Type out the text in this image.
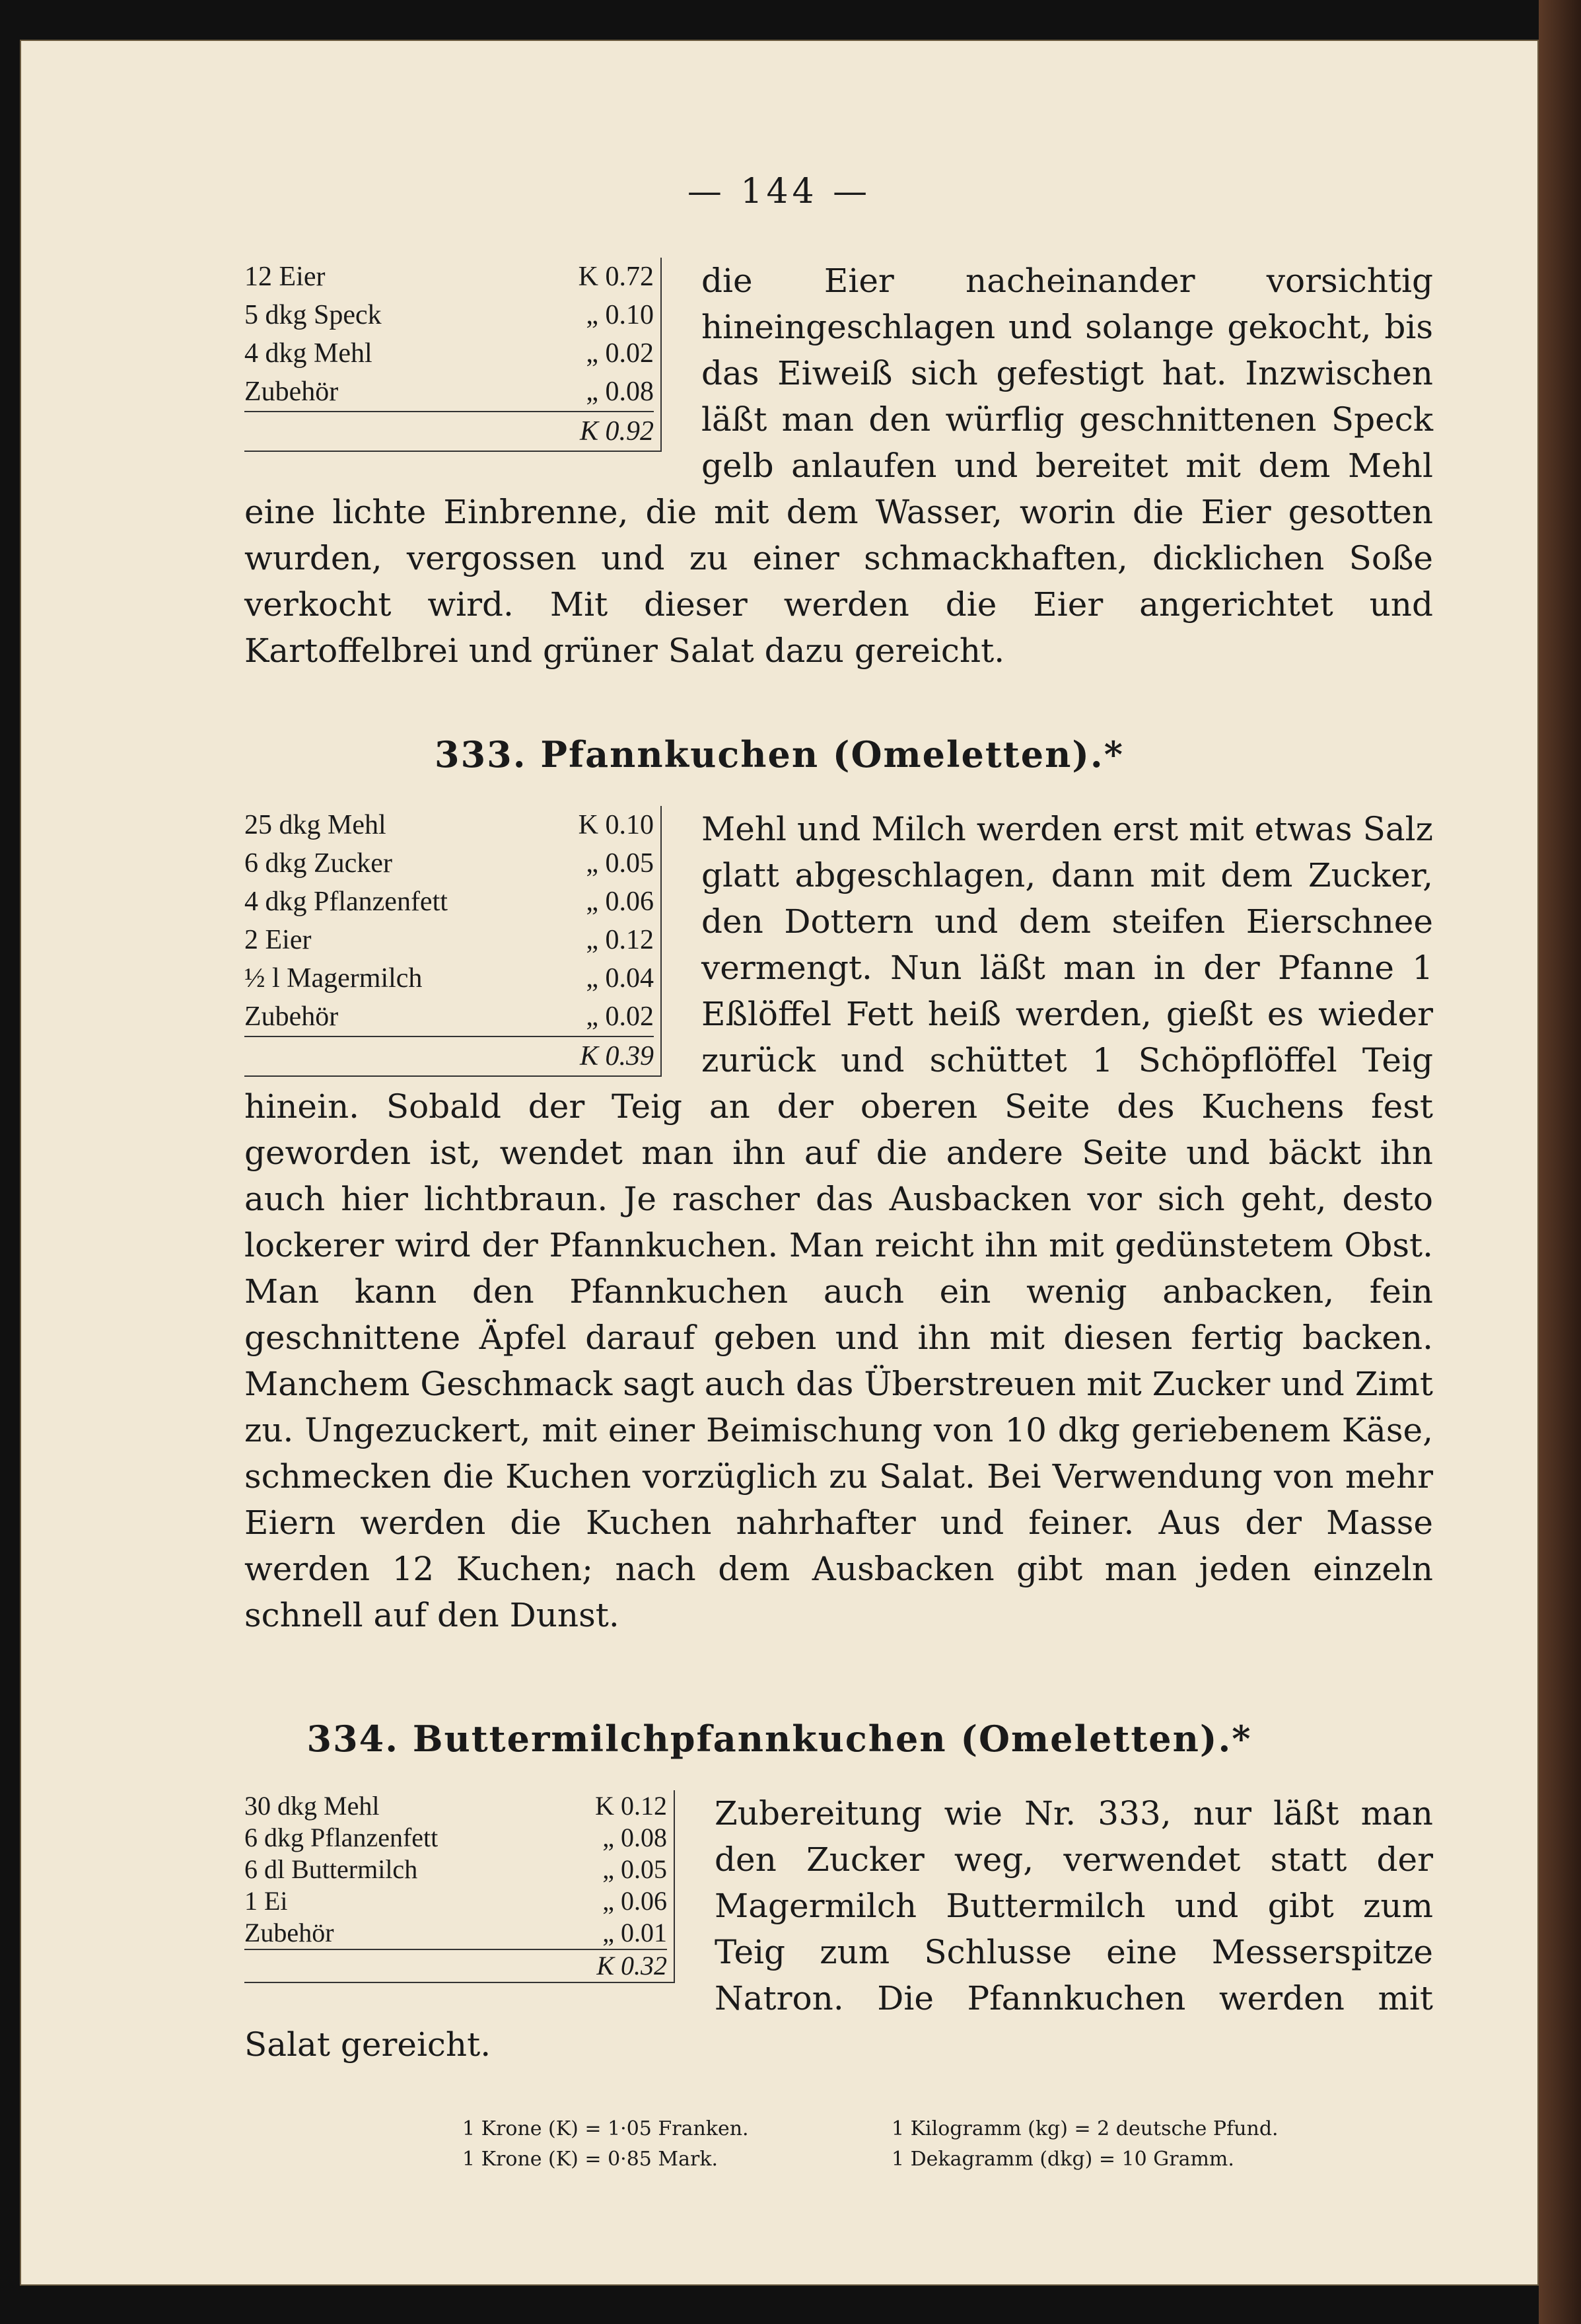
— 144 —
12 Eier	K 0.72
5 dkg Speck	„ 0.10
4 dkg Mehl	„ 0.02
Zubehör	„ 0.08
K 0.92
die Eier nacheinander vorsichtig hineingeschlagen und solange gekocht, bis das Eiweiß sich gefestigt hat. Inzwischen läßt man den würflig geschnittenen Speck gelb anlaufen und bereitet mit dem Mehl eine lichte Einbrenne, die mit dem Wasser, worin die Eier gesotten wurden, vergossen und zu einer schmackhaften, dicklichen Soße verkocht wird. Mit dieser werden die Eier angerichtet und Kartoffelbrei und grüner Salat dazu gereicht.
333. Pfannkuchen (Omeletten).*
25 dkg Mehl	K 0.10
6 dkg Zucker	„ 0.05
4 dkg Pflanzenfett	„ 0.06
2 Eier	„ 0.12
½ l Magermilch	„ 0.04
Zubehör	„ 0.02
K 0.39
Mehl und Milch werden erst mit etwas Salz glatt abgeschlagen, dann mit dem Zucker, den Dottern und dem steifen Eierschnee vermengt. Nun läßt man in der Pfanne 1 Eßlöffel Fett heiß werden, gießt es wieder zurück und schüttet 1 Schöpflöffel Teig hinein. Sobald der Teig an der oberen Seite des Kuchens fest geworden ist, wendet man ihn auf die andere Seite und bäckt ihn auch hier lichtbraun. Je rascher das Ausbacken vor sich geht, desto lockerer wird der Pfannkuchen. Man reicht ihn mit gedünstetem Obst. Man kann den Pfannkuchen auch ein wenig anbacken, fein geschnittene Äpfel darauf geben und ihn mit diesen fertig backen. Manchem Geschmack sagt auch das Überstreuen mit Zucker und Zimt zu. Ungezuckert, mit einer Beimischung von 10 dkg geriebenem Käse, schmecken die Kuchen vorzüglich zu Salat. Bei Verwendung von mehr Eiern werden die Kuchen nahrhafter und feiner. Aus der Masse werden 12 Kuchen; nach dem Ausbacken gibt man jeden einzeln schnell auf den Dunst.
334. Buttermilchpfannkuchen (Omeletten).*
30 dkg Mehl	K 0.12
6 dkg Pflanzenfett	„ 0.08
6 dl Buttermilch	„ 0.05
1 Ei	„ 0.06
Zubehör	„ 0.01
K 0.32
Zubereitung wie Nr. 333, nur läßt man den Zucker weg, verwendet statt der Magermilch Buttermilch und gibt zum Teig zum Schlusse eine Messerspitze Natron. Die Pfannkuchen werden mit Salat gereicht.
1 Krone (K) = 1·05 Franken.	1 Kilogramm (kg) = 2 deutsche Pfund.
1 Krone (K) = 0·85 Mark.	1 Dekagramm (dkg) = 10 Gramm.
